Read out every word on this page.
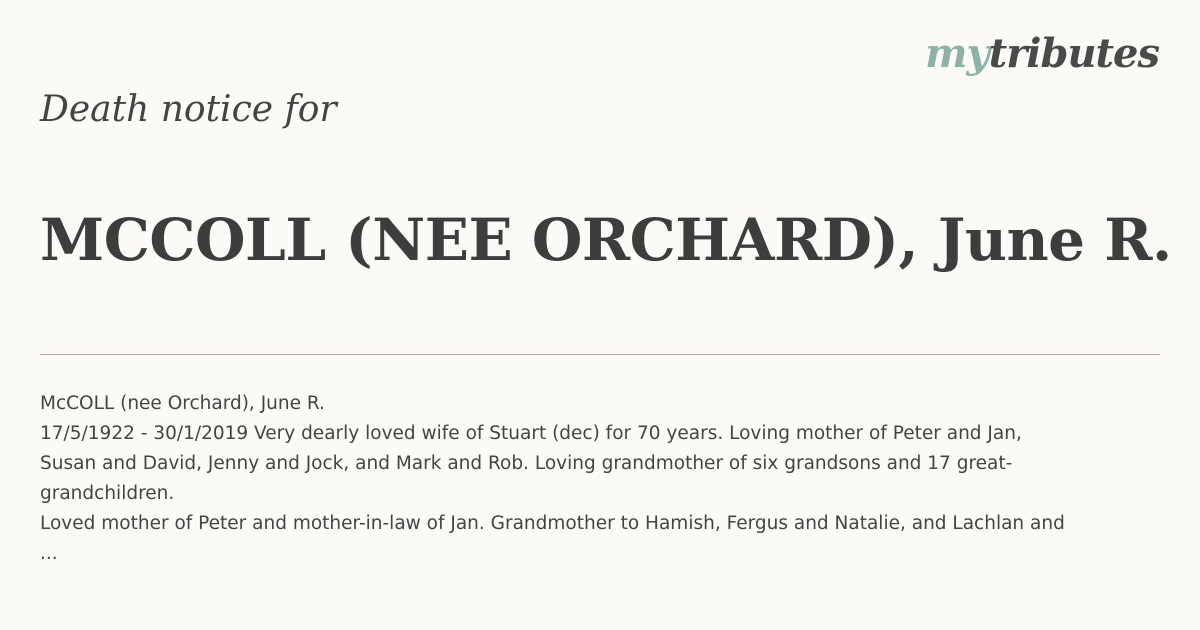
mytributes
Death notice for
MCCOLL (NEE ORCHARD), June R.
McCOLL (nee Orchard), June R.
17/5/1922 - 30/1/2019 Very dearly loved wife of Stuart (dec) for 70 years. Loving mother of Peter and Jan,
Susan and David, Jenny and Jock, and Mark and Rob. Loving grandmother of six grandsons and 17 great-
grandchildren.
Loved mother of Peter and mother-in-law of Jan. Grandmother to Hamish, Fergus and Natalie, and Lachlan and
...
